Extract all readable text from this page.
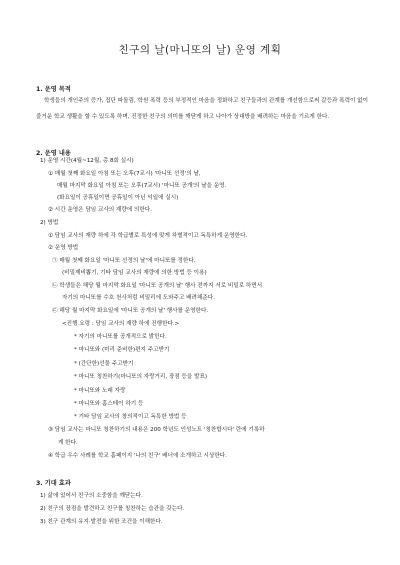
친구의 날(마니또의 날) 운영 계획
1. 운영 목적
학생들의 개인주의 증가, 집단 따돌림, 학원 폭력 등의 부정적인 마음을 정화하고 친구들과의 관계를 개선함으로써 갈등과 폭력이 없이 즐거운 학교 생활을 할 수 있도록 하며, 진정한 친구의 의미를 깨닫게 하고 나아가 상대방을 배려하는 마음을 기르게 한다.
2. 운영 내용
1) 운영 시간(4월~12월, 총 8회 실시)
① 매월 첫째 화요일 아침 또는 오후(7교시) '마니또 선정'의 날,
매월 마지막 화요일 아침 또는 오후(7교시) '마니또 공개'의 날을 운영.
(화요일이 공휴일이면 공휴일이 아닌 익일에 실시)
② 시간 운영은 담임 교사의 재량에 의한다.
2) 방법
① 담임 교사의 재량 하에 각 학급별로 특성에 맞게 차별적이고 독특하게 운영한다.
② 운영 방법
㉠ 매월 첫째 화요일 '마니또 선정의 날'에 마니또를 정한다.
(비밀제비뽑기, 기타 담임 교사의 재량에 의한 방법 등 이용)
㉡ 학생들은 해당 월 마지막 화요일 '마니또 공개의 날' 행사 전까지 서로 비밀로 하면서
자기의 마니또를 수호 천사처럼 비밀리에 도와주고 배려해준다.
㉢ 해당 월 마지막 화요일에 '마니또 공개의 날' 행사를 운영한다.
<진행 요령 : 담임 교사의 재량 하에 진행한다.>
* 자기의 마니또를 공개적으로 밝힌다.
* 마니또와 (미리 준비한)편지 주고받기
* (간단한)선물 주고받기
* 마니또 칭찬하기(마니또의 자랑거리, 장점 등을 발표)
* 마니또와 노래 자랑
* 마니또와 홈스테이 하기 등
* 기타 담임 교사의 창의적이고 독특한 방법 등
③ 담임 교사는 마니또 칭찬하기의 내용은 200 학년도 인성노트 '칭찬합시다' 란에 기록하
게 한다.
④ 학급 우수 사례를 학교 홈페이지 '나의 친구' 배너에 소개하고 시상한다.
3. 기대 효과
1) 삶에 있어서 친구의 소중함을 깨닫는다.
2) 친구의 장점을 발견하고 친구를 칭찬하는 습관을 갖는다.
3) 친구 관계의 유지·발전을 위한 조건을 이해한다.
